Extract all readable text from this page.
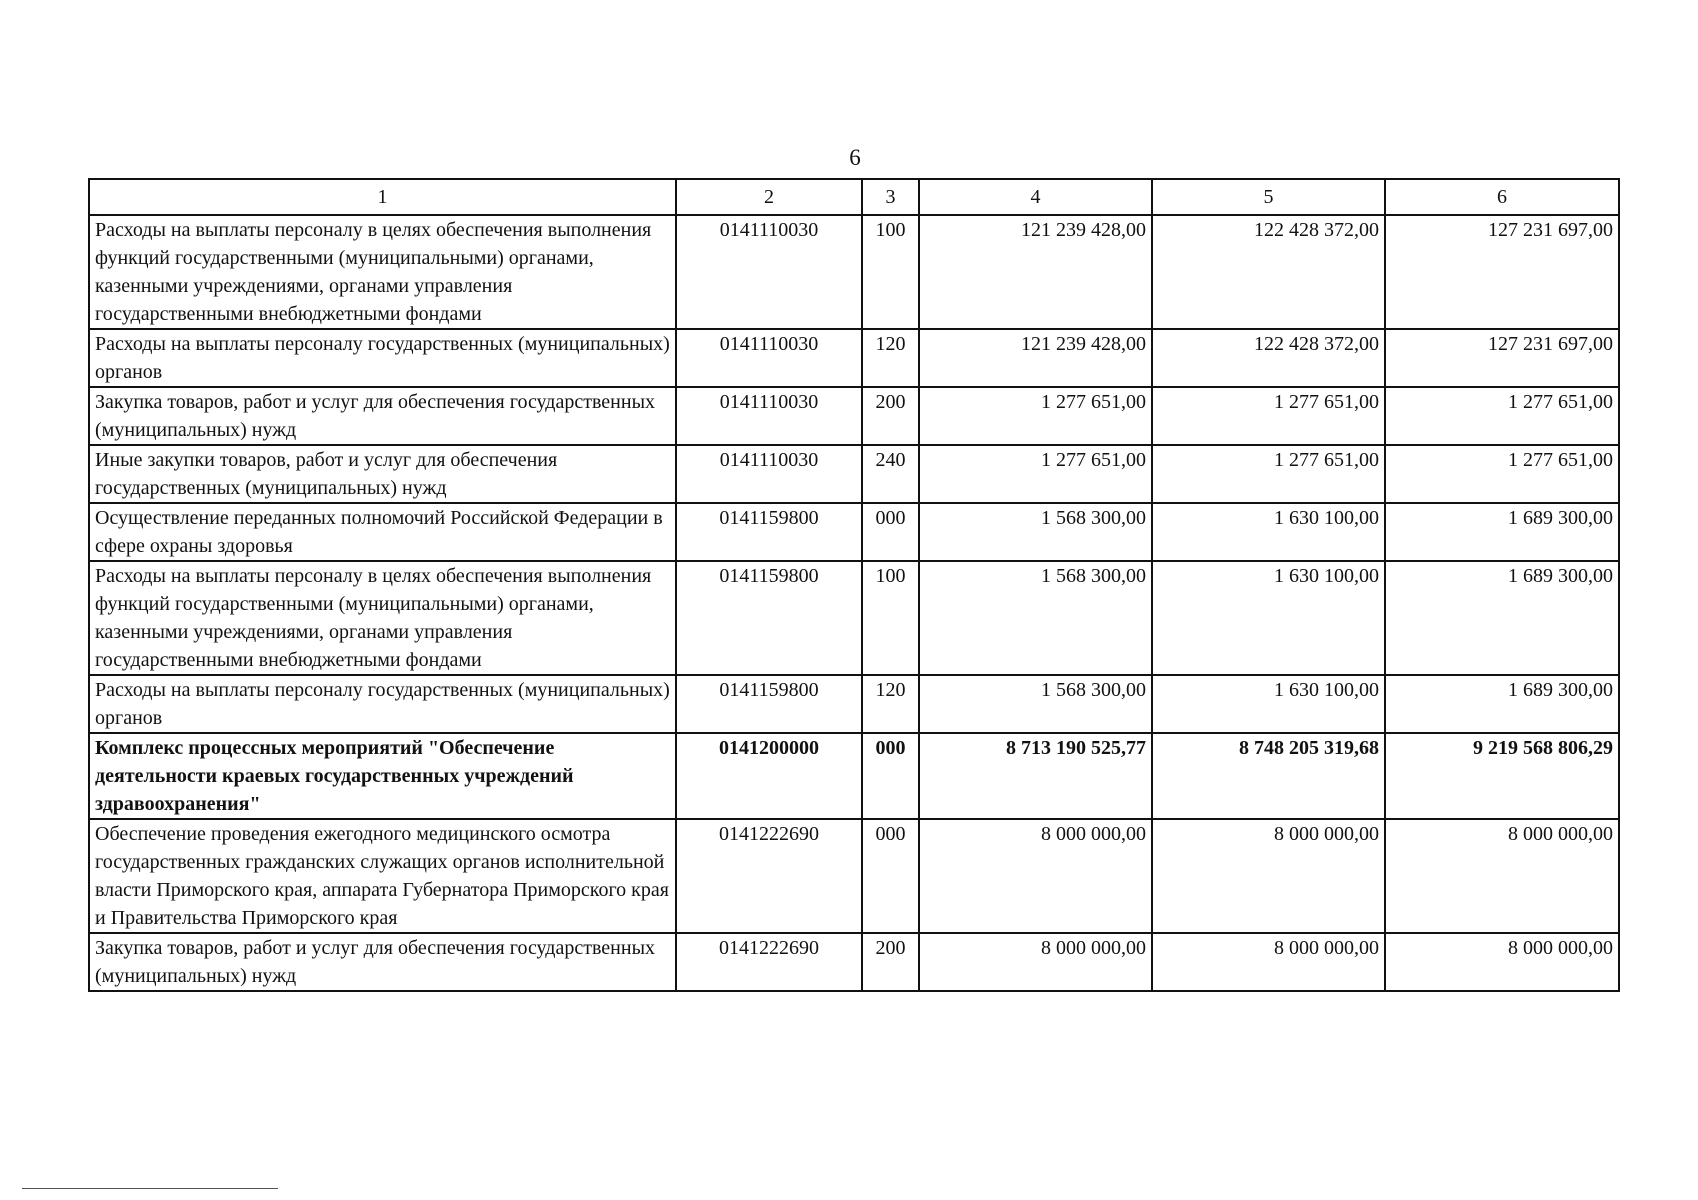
6
1	2	3	4	5	6
Расходы на выплаты персоналу в целях обеспечения выполнения функций государственными (муниципальными) органами, казенными учреждениями, органами управления государственными внебюджетными фондами	0141110030	100	121 239 428,00	122 428 372,00	127 231 697,00
Расходы на выплаты персоналу государственных (муниципальных) органов	0141110030	120	121 239 428,00	122 428 372,00	127 231 697,00
Закупка товаров, работ и услуг для обеспечения государственных (муниципальных) нужд	0141110030	200	1 277 651,00	1 277 651,00	1 277 651,00
Иные закупки товаров, работ и услуг для обеспечения государственных (муниципальных) нужд	0141110030	240	1 277 651,00	1 277 651,00	1 277 651,00
Осуществление переданных полномочий Российской Федерации в сфере охраны здоровья	0141159800	000	1 568 300,00	1 630 100,00	1 689 300,00
Расходы на выплаты персоналу в целях обеспечения выполнения функций государственными (муниципальными) органами, казенными учреждениями, органами управления государственными внебюджетными фондами	0141159800	100	1 568 300,00	1 630 100,00	1 689 300,00
Расходы на выплаты персоналу государственных (муниципальных) органов	0141159800	120	1 568 300,00	1 630 100,00	1 689 300,00
Комплекс процессных мероприятий "Обеспечение деятельности краевых государственных учреждений здравоохранения"	0141200000	000	8 713 190 525,77	8 748 205 319,68	9 219 568 806,29
Обеспечение проведения ежегодного медицинского осмотра государственных гражданских служащих органов исполнительной власти Приморского края, аппарата Губернатора Приморского края и Правительства Приморского края	0141222690	000	8 000 000,00	8 000 000,00	8 000 000,00
Закупка товаров, работ и услуг для обеспечения государственных (муниципальных) нужд	0141222690	200	8 000 000,00	8 000 000,00	8 000 000,00
